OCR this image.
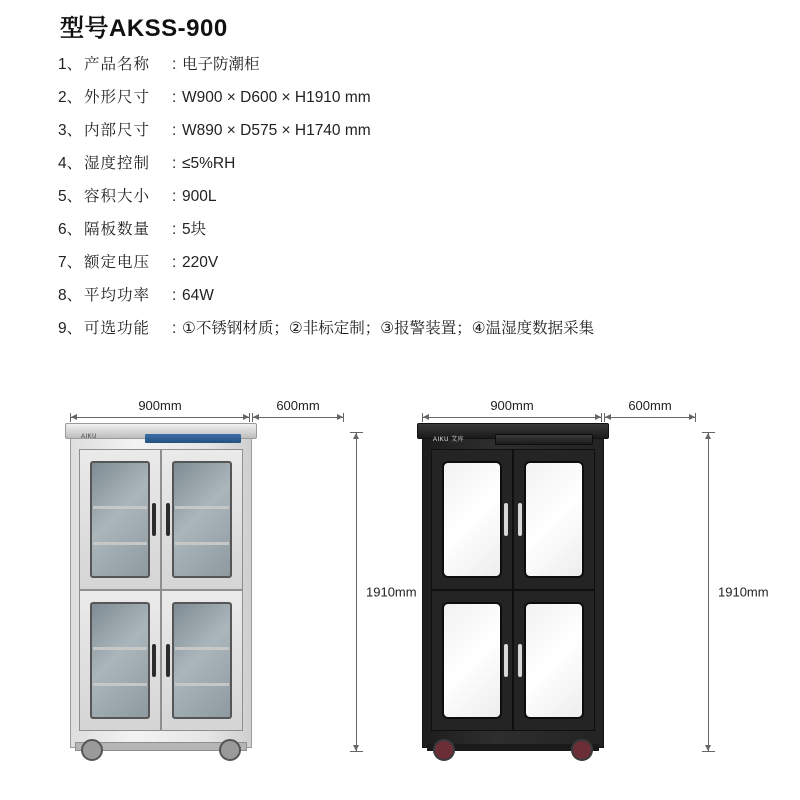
型号AKSS-900
1、 产品名称	: 电子防潮柜
2、 外形尺寸	: W900 × D600 × H1910 mm
3、 内部尺寸	: W890 × D575 × H1740 mm
4、 湿度控制	: ≤5%RH
5、 容积大小	: 900L
6、 隔板数量	: 5块
7、 额定电压	: 220V
8、 平均功率	: 64W
9、 可选功能	: ①不锈钢材质；②非标定制；③报警装置；④温湿度数据采集
900mm	600mm
1910mm
AIKU
900mm	600mm
1910mm
AIKU 艾库
